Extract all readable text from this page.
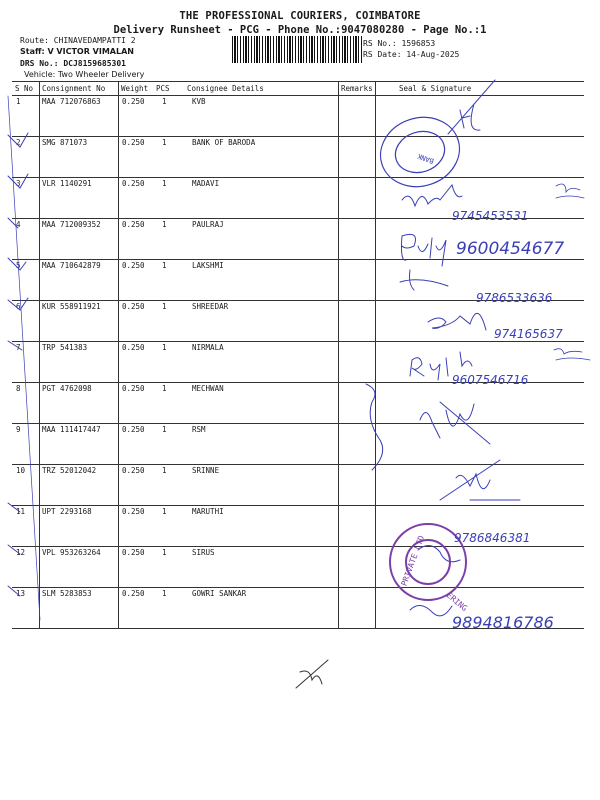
THE PROFESSIONAL COURIERS, COIMBATORE
Delivery Runsheet - PCG - Phone No.:9047080280 - Page No.:1
Route: CHINAVEDAMPATTI 2
Staff: V VICTOR VIMALAN
DRS No.: DCJ8159685301
Vehicle: Two Wheeler Delivery
RS No.: 1596853
RS Date: 14-Aug-2025
S No Consignment No Weight PCS Consignee Details	Remarks	Seal & Signature
1	MAA 712076863	0.250 1	KVB
2	SMG 871073	0.250 1	BANK OF BARODA
3	VLR 1140291	0.250 1	MADAVI
4	MAA 712009352	0.250 1	PAULRAJ
5	MAA 710642879	0.250 1	LAKSHMI
6	KUR 558911921	0.250 1	SHREEDAR
7	TRP 541383	0.250 1	NIRMALA
8	PGT 4762098	0.250 1	MECHWAN
9	MAA 111417447	0.250 1	RSM
10 TRZ 52012042	0.250 1	SRINNE
11 UPT 2293168	0.250 1	MARUTHI
12 VPL 953263264	0.250 1	SIRUS
13 SLM 5283853	0.250 1	GOWRI SANKAR
BANK
PRIVATE LTD
ERING
9745453531
9600454677
9786533636
974165637
9607546716
9786846381
9894816786
